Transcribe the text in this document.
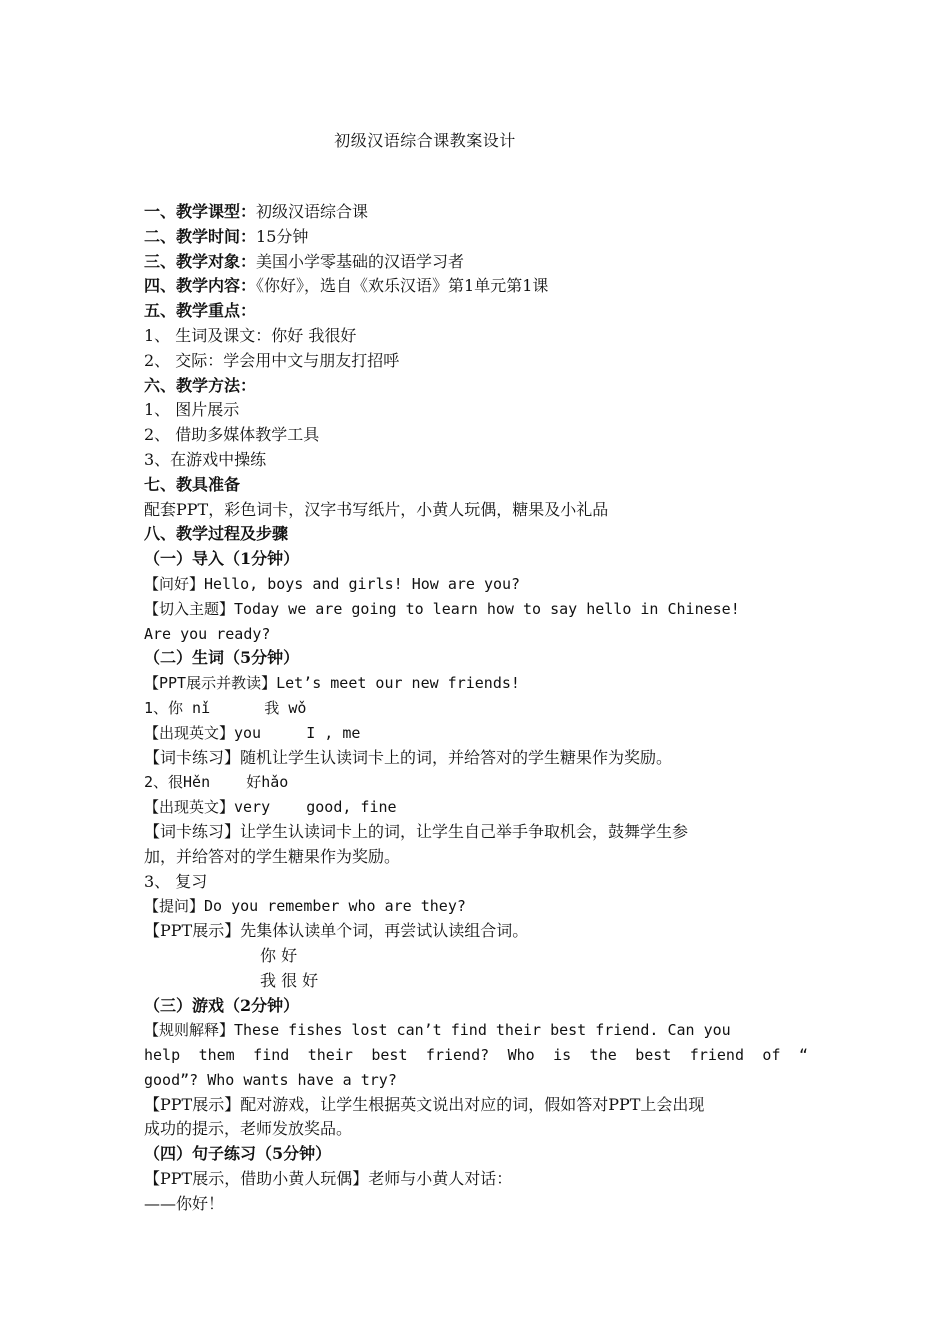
初级汉语综合课教案设计
一、教学课型：初级汉语综合课
二、教学时间：15分钟
三、教学对象：美国小学零基础的汉语学习者
四、教学内容：《你好》，选自《欢乐汉语》第1单元第1课
五、教学重点：
1、 生词及课文：你好 我很好
2、 交际：学会用中文与朋友打招呼
六、教学方法：
1、 图片展示
2、 借助多媒体教学工具
3、在游戏中操练
七、教具准备
配套PPT，彩色词卡，汉字书写纸片，小黄人玩偶，糖果及小礼品
八、教学过程及步骤
（一）导入（1分钟）
【问好】Hello, boys and girls! How are you?
【切入主题】Today we are going to learn how to say hello in Chinese!
Are you ready?
（二）生词（5分钟）
【PPT展示并教读】Let’s meet our new friends!
1、你 nǐ      我 wǒ
【出现英文】you     I , me
【词卡练习】随机让学生认读词卡上的词，并给答对的学生糖果作为奖励。
2、很Hěn    好hǎo
【出现英文】very    good, fine
【词卡练习】让学生认读词卡上的词，让学生自己举手争取机会，鼓舞学生参
加，并给答对的学生糖果作为奖励。
3、 复习
【提问】Do you remember who are they?
【PPT展示】先集体认读单个词，再尝试认读组合词。
你 好
我 很 好
（三）游戏（2分钟）
【规则解释】These fishes lost can’t find their best friend. Can you
help them find their best friend? Who is the best friend of “
good”? Who wants have a try?
【PPT展示】配对游戏，让学生根据英文说出对应的词，假如答对PPT上会出现
成功的提示，老师发放奖品。
（四）句子练习（5分钟）
【PPT展示，借助小黄人玩偶】老师与小黄人对话：
——你好！
